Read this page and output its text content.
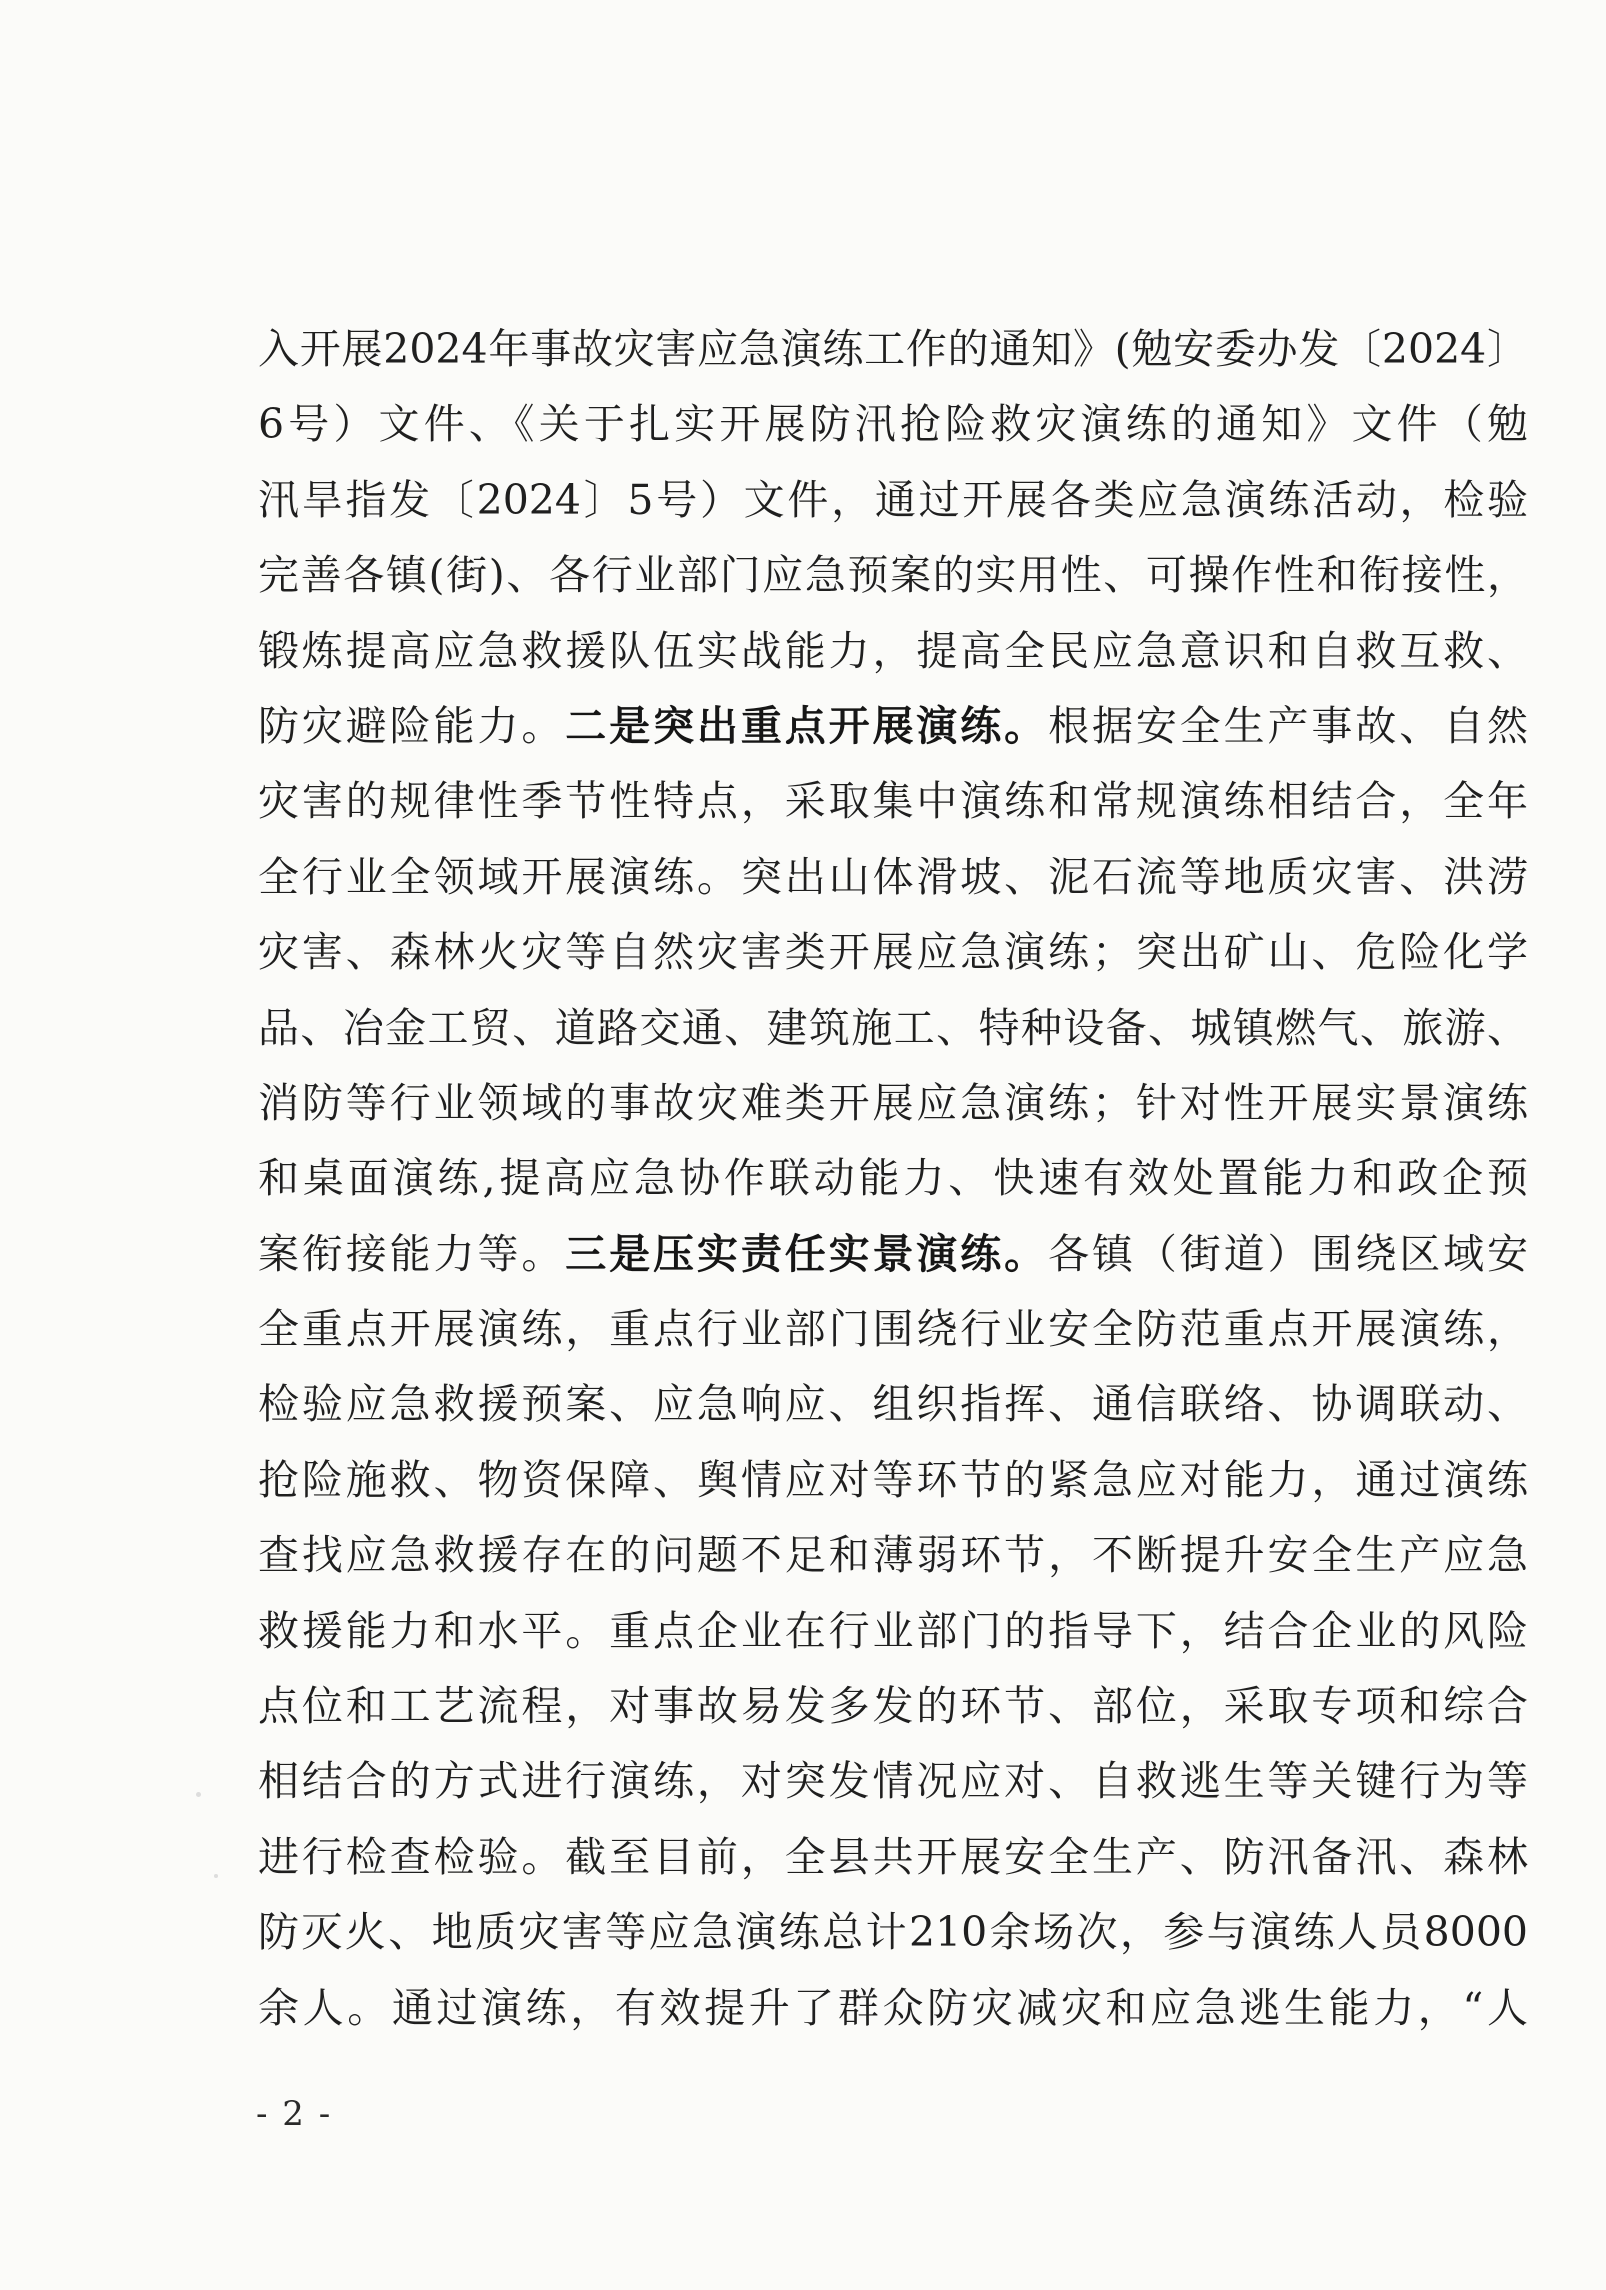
入开展2024年事故灾害应急演练工作的通知》(勉安委办发〔2024〕
6号）文件、《关于扎实开展防汛抢险救灾演练的通知》文件（勉
汛旱指发〔2024〕5号）文件，通过开展各类应急演练活动，检验
完善各镇(街)、各行业部门应急预案的实用性、可操作性和衔接性，
锻炼提高应急救援队伍实战能力，提高全民应急意识和自救互救、
防灾避险能力。二是突出重点开展演练。根据安全生产事故、自然
灾害的规律性季节性特点，采取集中演练和常规演练相结合，全年
全行业全领域开展演练。突出山体滑坡、泥石流等地质灾害、洪涝
灾害、森林火灾等自然灾害类开展应急演练；突出矿山、危险化学
品、冶金工贸、道路交通、建筑施工、特种设备、城镇燃气、旅游、
消防等行业领域的事故灾难类开展应急演练；针对性开展实景演练
和桌面演练,提高应急协作联动能力、快速有效处置能力和政企预
案衔接能力等。三是压实责任实景演练。各镇（街道）围绕区域安
全重点开展演练，重点行业部门围绕行业安全防范重点开展演练，
检验应急救援预案、应急响应、组织指挥、通信联络、协调联动、
抢险施救、物资保障、舆情应对等环节的紧急应对能力，通过演练
查找应急救援存在的问题不足和薄弱环节，不断提升安全生产应急
救援能力和水平。重点企业在行业部门的指导下，结合企业的风险
点位和工艺流程，对事故易发多发的环节、部位，采取专项和综合
相结合的方式进行演练，对突发情况应对、自救逃生等关键行为等
进行检查检验。截至目前，全县共开展安全生产、防汛备汛、森林
防灭火、地质灾害等应急演练总计210余场次，参与演练人员8000
余人。通过演练，有效提升了群众防灾减灾和应急逃生能力，“人
- 2 -
